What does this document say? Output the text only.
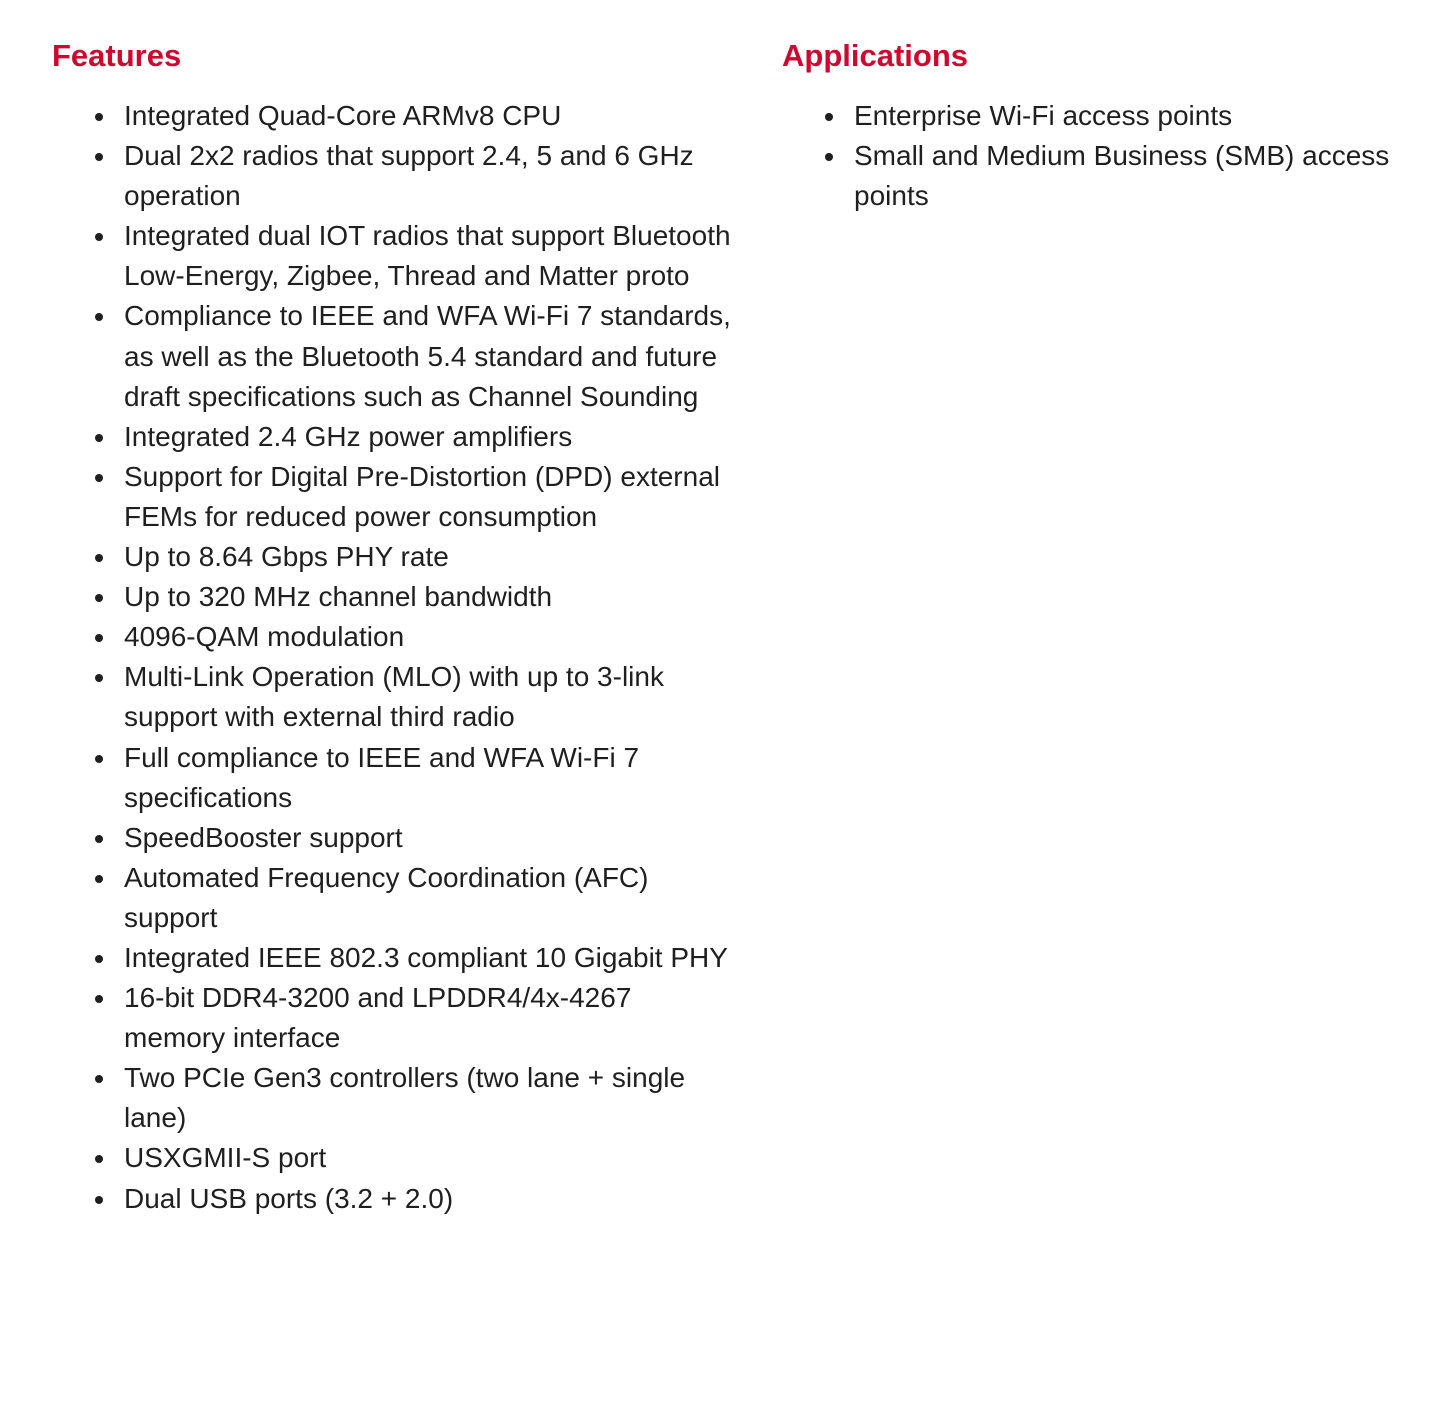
Features
Integrated Quad-Core ARMv8 CPU
Dual 2x2 radios that support 2.4, 5 and 6 GHz operation
Integrated dual IOT radios that support Bluetooth Low-Energy, Zigbee, Thread and Matter proto
Compliance to IEEE and WFA Wi-Fi 7 standards, as well as the Bluetooth 5.4 standard and future draft specifications such as Channel Sounding
Integrated 2.4 GHz power amplifiers
Support for Digital Pre-Distortion (DPD) external FEMs for reduced power consumption
Up to 8.64 Gbps PHY rate
Up to 320 MHz channel bandwidth
4096-QAM modulation
Multi-Link Operation (MLO) with up to 3-link support with external third radio
Full compliance to IEEE and WFA Wi-Fi 7 specifications
SpeedBooster support
Automated Frequency Coordination (AFC) support
Integrated IEEE 802.3 compliant 10 Gigabit PHY
16-bit DDR4-3200 and LPDDR4/4x-4267 memory interface
Two PCIe Gen3 controllers (two lane + single lane)
USXGMII-S port
Dual USB ports (3.2 + 2.0)
Applications
Enterprise Wi-Fi access points
Small and Medium Business (SMB) access points
